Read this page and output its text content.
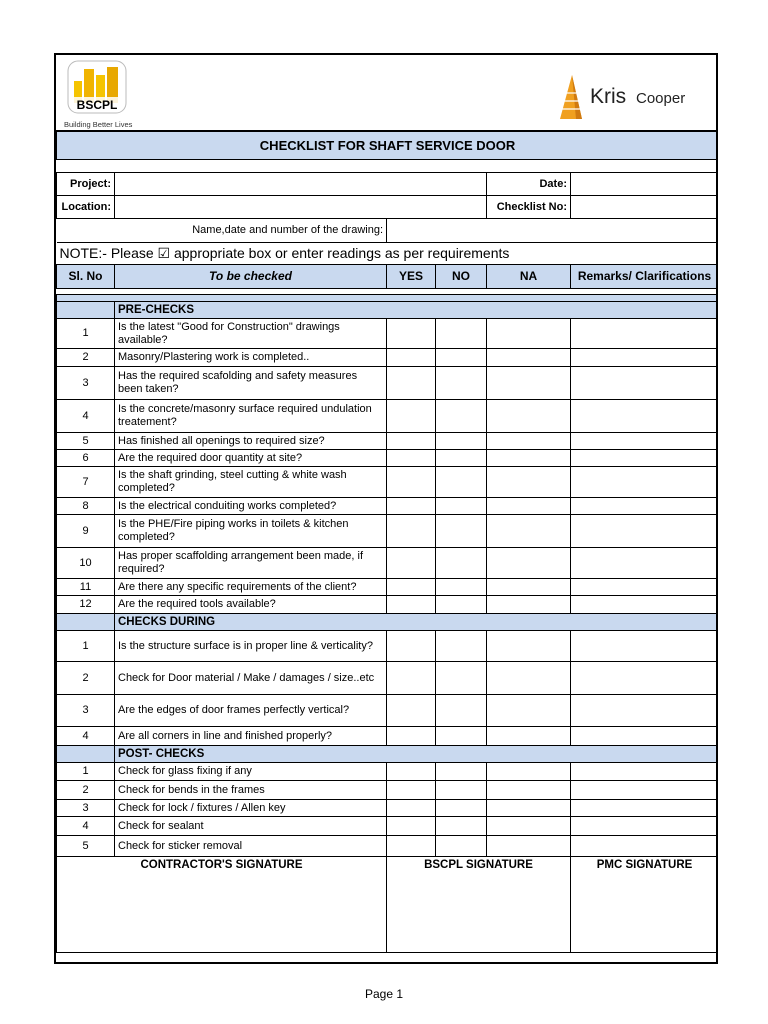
BSCPL
Building Better Lives
Kris Cooper
CHECKLIST FOR SHAFT SERVICE DOOR					

Project:				Date:	
Location:				Checklist No:	
Name,date and number of the drawing:					
NOTE:- Please ☑ appropriate box or enter readings as per requirements					
Sl. No	To be checked	YES	NO	NA	Remarks/ Clarifications

	PRE-CHECKS				
1	Is the latest "Good for Construction" drawings available?				
2	Masonry/Plastering work is completed..				
3	Has the required scafolding and safety measures been taken?				
4	Is the concrete/masonry surface required undulation treatement?				
5	Has finished all openings to required size?				
6	Are the required door quantity at site?				
7	Is the shaft grinding, steel cutting & white wash completed?				
8	Is the electrical conduiting works completed?				
9	Is the PHE/Fire piping works in toilets & kitchen completed?				
10	Has proper scaffolding arrangement been made, if required?				
11	Are there any specific requirements of the client?				
12	Are the required tools available?				
	CHECKS DURING				
1	Is the structure surface is in proper line & verticality?				
2	Check for Door material / Make / damages / size..etc				
3	Are the edges of door frames perfectly vertical?				
4	Are all corners in line and finished properly?				
	POST- CHECKS				
1	Check for glass fixing if any				
2	Check for bends in the frames				
3	Check for lock / fixtures / Allen key				
4	Check for sealant				
5	Check for sticker removal				
CONTRACTOR'S SIGNATURE		BSCPL SIGNATURE			PMC SIGNATURE
Page 1
